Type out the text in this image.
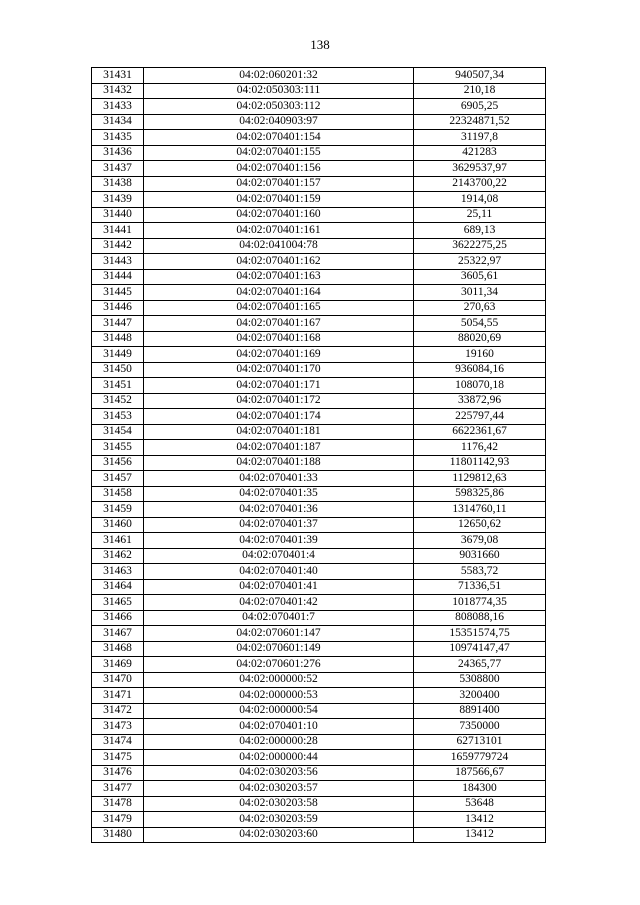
138
31431	04:02:060201:32	940507,34
31432	04:02:050303:111	210,18
31433	04:02:050303:112	6905,25
31434	04:02:040903:97	22324871,52
31435	04:02:070401:154	31197,8
31436	04:02:070401:155	421283
31437	04:02:070401:156	3629537,97
31438	04:02:070401:157	2143700,22
31439	04:02:070401:159	1914,08
31440	04:02:070401:160	25,11
31441	04:02:070401:161	689,13
31442	04:02:041004:78	3622275,25
31443	04:02:070401:162	25322,97
31444	04:02:070401:163	3605,61
31445	04:02:070401:164	3011,34
31446	04:02:070401:165	270,63
31447	04:02:070401:167	5054,55
31448	04:02:070401:168	88020,69
31449	04:02:070401:169	19160
31450	04:02:070401:170	936084,16
31451	04:02:070401:171	108070,18
31452	04:02:070401:172	33872,96
31453	04:02:070401:174	225797,44
31454	04:02:070401:181	6622361,67
31455	04:02:070401:187	1176,42
31456	04:02:070401:188	11801142,93
31457	04:02:070401:33	1129812,63
31458	04:02:070401:35	598325,86
31459	04:02:070401:36	1314760,11
31460	04:02:070401:37	12650,62
31461	04:02:070401:39	3679,08
31462	04:02:070401:4	9031660
31463	04:02:070401:40	5583,72
31464	04:02:070401:41	71336,51
31465	04:02:070401:42	1018774,35
31466	04:02:070401:7	808088,16
31467	04:02:070601:147	15351574,75
31468	04:02:070601:149	10974147,47
31469	04:02:070601:276	24365,77
31470	04:02:000000:52	5308800
31471	04:02:000000:53	3200400
31472	04:02:000000:54	8891400
31473	04:02:070401:10	7350000
31474	04:02:000000:28	62713101
31475	04:02:000000:44	1659779724
31476	04:02:030203:56	187566,67
31477	04:02:030203:57	184300
31478	04:02:030203:58	53648
31479	04:02:030203:59	13412
31480	04:02:030203:60	13412
